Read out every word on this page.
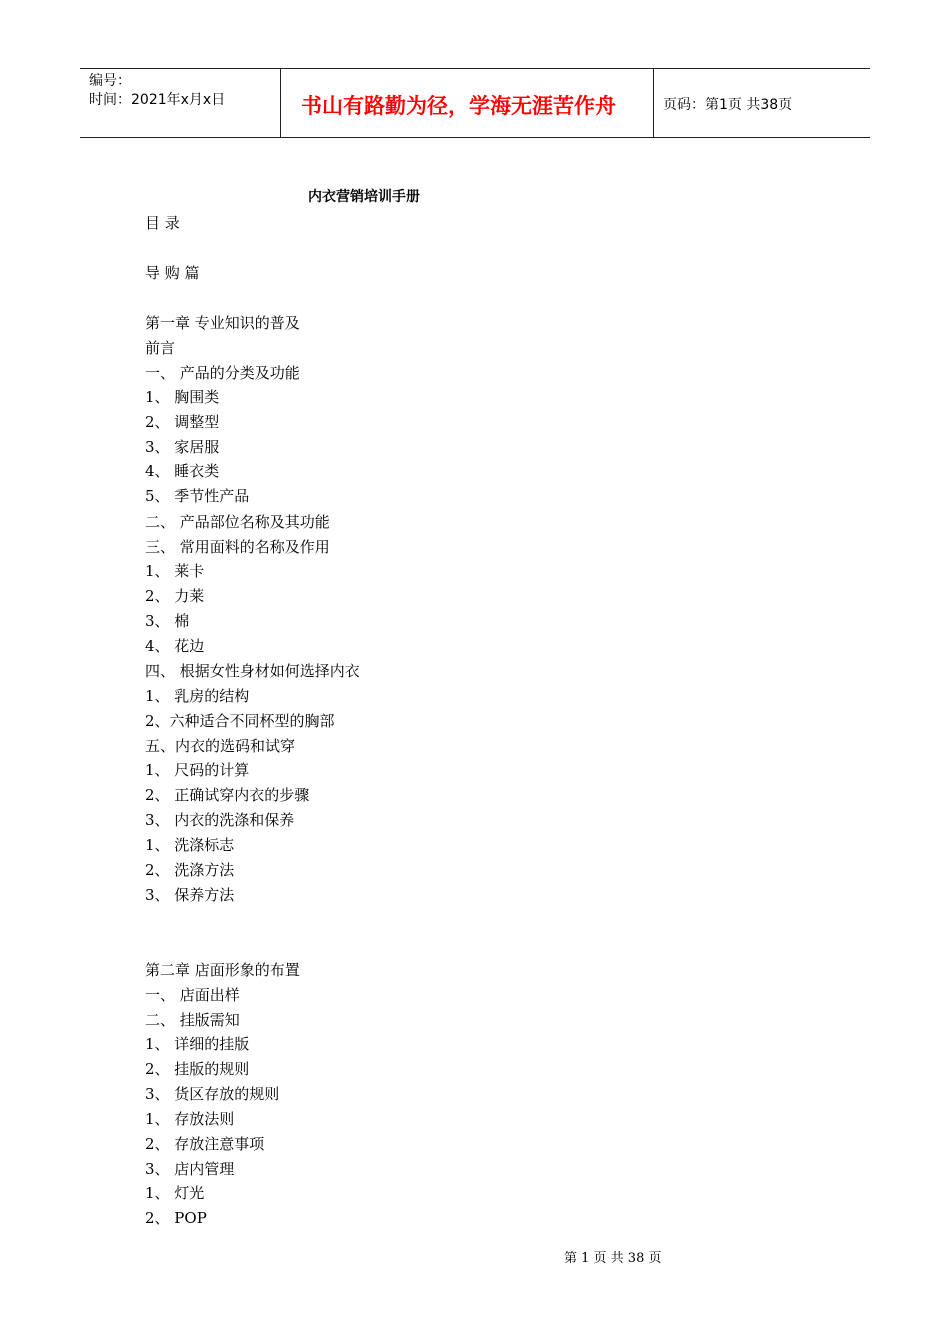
编号：
时间：2021年x月x日	书山有路勤为径，学海无涯苦作舟	页码：第1页 共38页
内衣营销培训手册
目 录
导 购 篇
第一章 专业知识的普及
前言
一、 产品的分类及功能
1、 胸围类
2、 调整型
3、 家居服
4、 睡衣类
5、 季节性产品
二、 产品部位名称及其功能
三、 常用面料的名称及作用
1、 莱卡
2、 力莱
3、 棉
4、 花边
四、 根据女性身材如何选择内衣
1、 乳房的结构
2、六种适合不同杯型的胸部
五、内衣的选码和试穿
1、 尺码的计算
2、 正确试穿内衣的步骤
3、 内衣的洗涤和保养
1、 洗涤标志
2、 洗涤方法
3、 保养方法
第二章 店面形象的布置
一、 店面出样
二、 挂版需知
1、 详细的挂版
2、 挂版的规则
3、 货区存放的规则
1、 存放法则
2、 存放注意事项
3、 店内管理
1、 灯光
2、 POP
第 1 页 共 38 页
